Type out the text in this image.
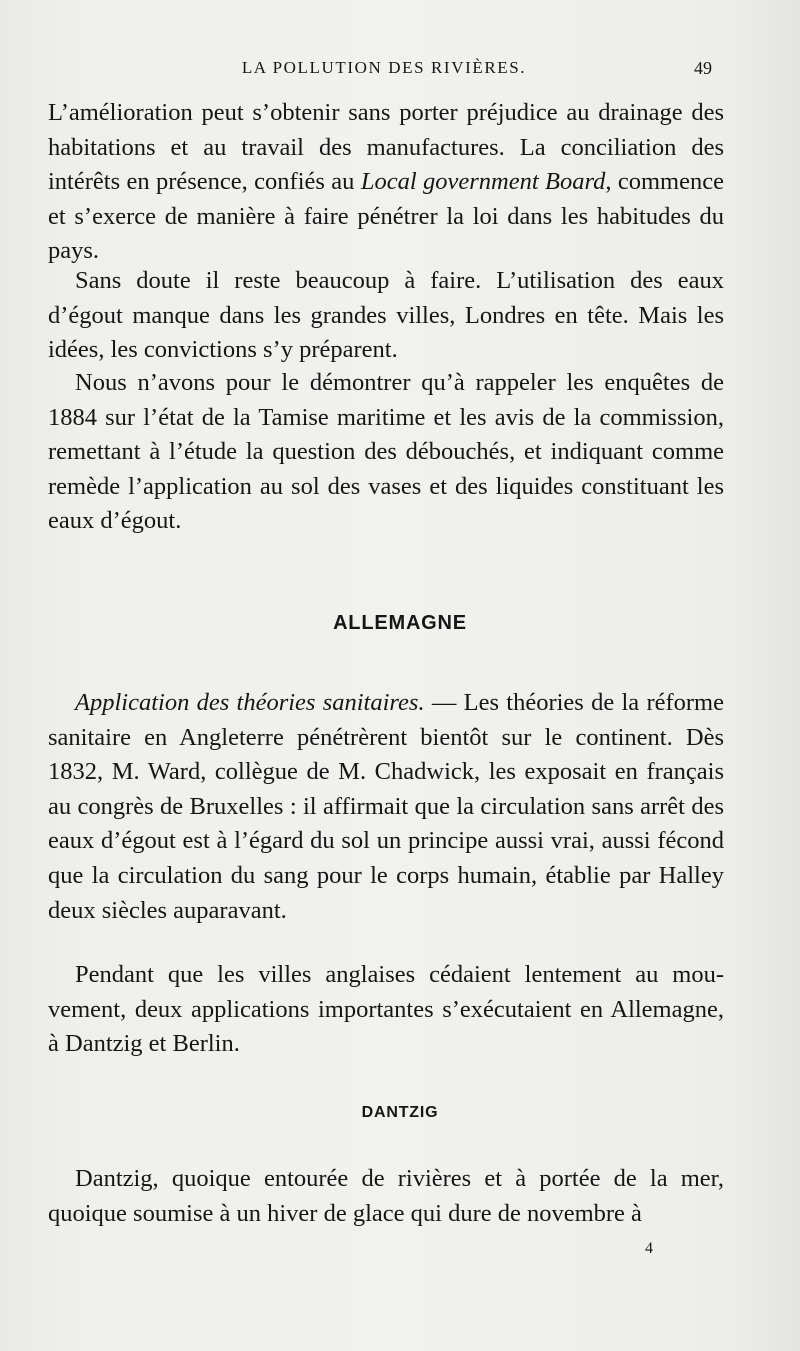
LA POLLUTION DES RIVIÈRES.	49

L’amélioration peut s’obtenir sans porter préjudice au drainage des habitations et au travail des manufactures. La conciliation des intérêts en présence, confiés au Local government Board, commence et s’exerce de manière à faire pénétrer la loi dans les habitudes du pays.

Sans doute il reste beaucoup à faire. L’utilisation des eaux d’égout manque dans les grandes villes, Londres en tête. Mais les idées, les convictions s’y préparent.

Nous n’avons pour le démontrer qu’à rappeler les enquêtes de 1884 sur l’état de la Tamise maritime et les avis de la commission, remettant à l’étude la question des débouchés, et indiquant comme remède l’application au sol des vases et des liquides constituant les eaux d’égout.

ALLEMAGNE

Application des théories sanitaires. — Les théories de la réforme sanitaire en Angleterre pénétrèrent bientôt sur le continent. Dès 1832, M. Ward, collègue de M. Chadwick, les exposait en français au congrès de Bruxelles : il affirmait que la circulation sans arrêt des eaux d’égout est à l’égard du sol un principe aussi vrai, aussi fécond que la circulation du sang pour le corps humain, établie par Halley deux siècles auparavant.

Pendant que les villes anglaises cédaient lentement au mouvement, deux applications importantes s’exécutaient en Allemagne, à Dantzig et Berlin.

DANTZIG

Dantzig, quoique entourée de rivières et à portée de la mer, quoique soumise à un hiver de glace qui dure de novembre à

4
